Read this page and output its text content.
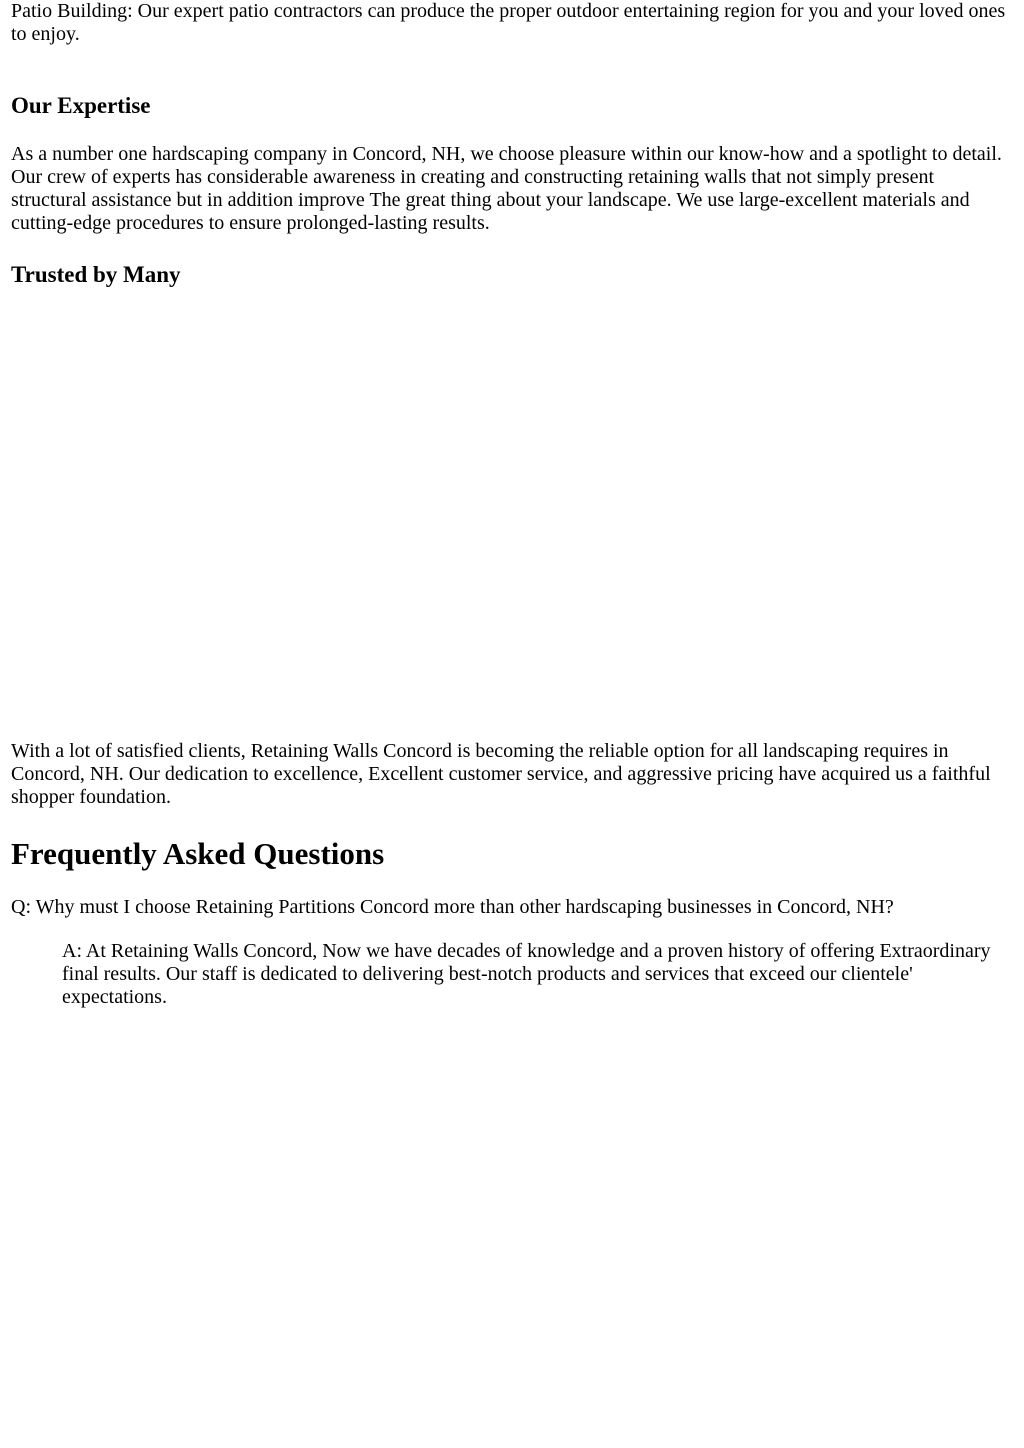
Patio Building: Our expert patio contractors can produce the proper outdoor entertaining region for you and your loved ones to enjoy.

Our Expertise

As a number one hardscaping company in Concord, NH, we choose pleasure within our know-how and a spotlight to detail. Our crew of experts has considerable awareness in creating and constructing retaining walls that not simply present structural assistance but in addition improve The great thing about your landscape. We use large-excellent materials and cutting-edge procedures to ensure prolonged-lasting results.

Trusted by Many

With a lot of satisfied clients, Retaining Walls Concord is becoming the reliable option for all landscaping requires in Concord, NH. Our dedication to excellence, Excellent customer service, and aggressive pricing have acquired us a faithful shopper foundation.

Frequently Asked Questions

Q: Why must I choose Retaining Partitions Concord more than other hardscaping businesses in Concord, NH?

A: At Retaining Walls Concord, Now we have decades of knowledge and a proven history of offering Extraordinary final results. Our staff is dedicated to delivering best-notch products and services that exceed our clientele' expectations.
